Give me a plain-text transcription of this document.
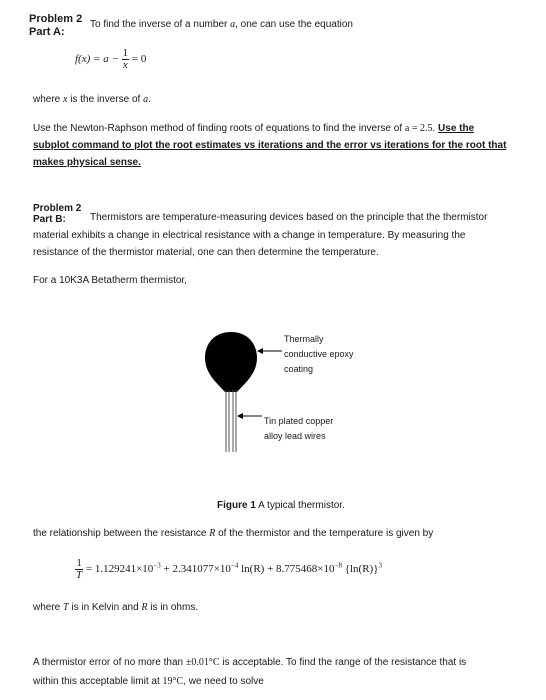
Problem 2
Part A:
To find the inverse of a number a, one can use the equation
$f(x) = a - \frac{1}{x} = 0$
where x is the inverse of a.
Use the Newton-Raphson method of finding roots of equations to find the inverse of a = 2.5. Use the
subplot command to plot the root estimates vs iterations and the error vs iterations for the root that
makes physical sense.
Problem 2
Part B: Thermistors are temperature-measuring devices based on the principle that the thermistor
material exhibits a change in electrical resistance with a change in temperature. By measuring the
resistance of the thermistor material, one can then determine the temperature.
For a 10K3A Betatherm thermistor,
Thermally
conductive epoxy
coating
Tin plated copper
alloy lead wires
Figure 1 A typical thermistor.
the relationship between the resistance R of the thermistor and the temperature is given by
$\frac{1}{T} = 1.129241\times 10^{-3} + 2.341077\times 10^{-4}$ $\ln(R) + 8.775468\times 10^{-8}$ $\{\ln(R)\}^3$
where T is in Kelvin and R is in ohms.
A thermistor error of no more than ±0.01°C is acceptable. To find the range of the resistance that is
within this acceptable limit at 19°C, we need to solve
